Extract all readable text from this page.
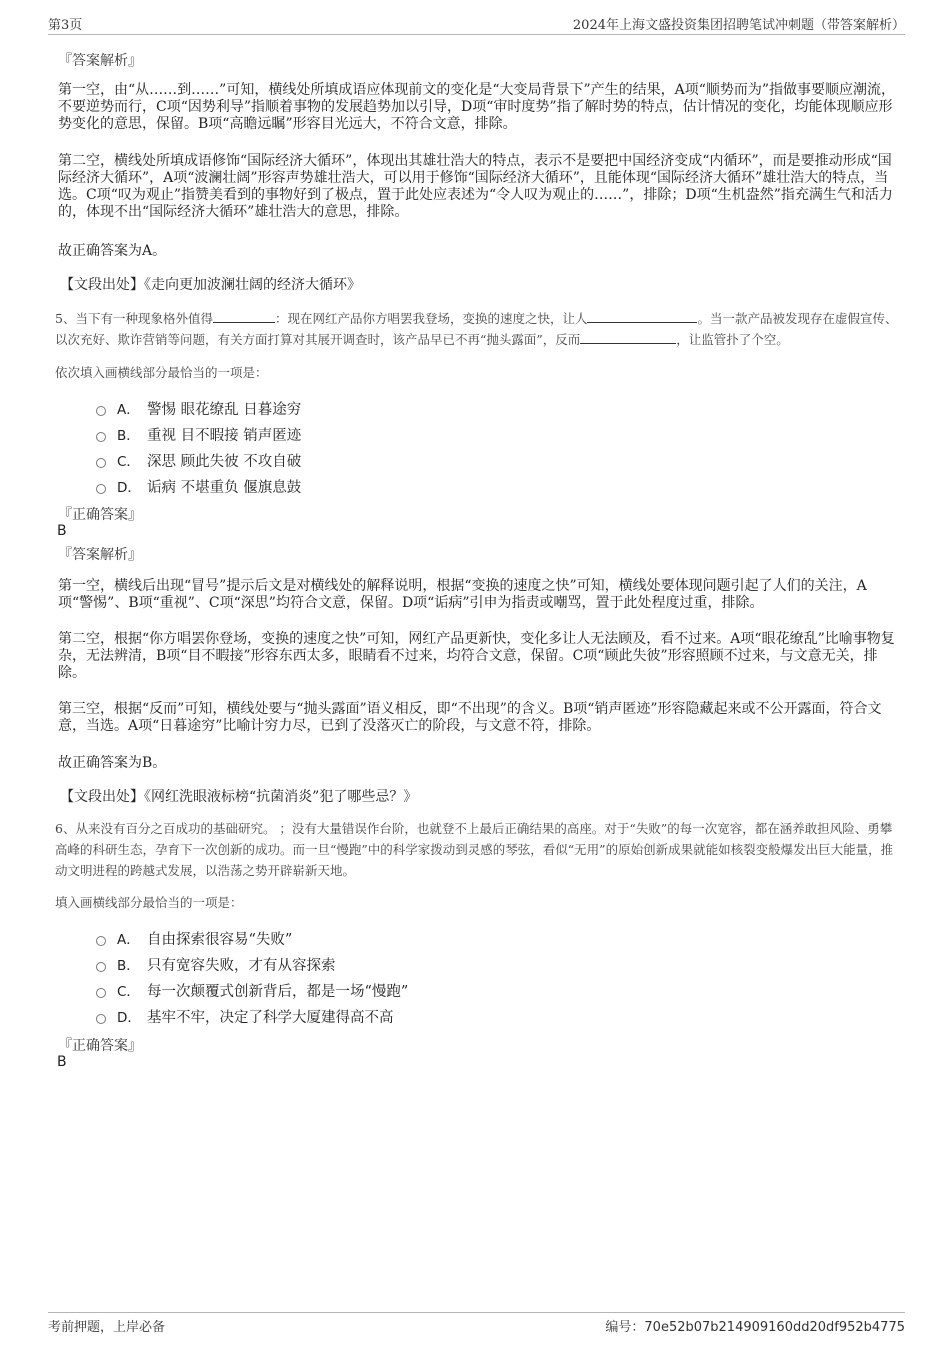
第3页	2024年上海文盛投资集团招聘笔试冲刺题（带答案解析）
『答案解析』

第一空，由“从……到……”可知，横线处所填成语应体现前文的变化是“大变局背景下”产生的结果，A项“顺势而为”指做事要顺应潮流，不要逆势而行，C项“因势利导”指顺着事物的发展趋势加以引导，D项“审时度势”指了解时势的特点，估计情况的变化，均能体现顺应形势变化的意思，保留。B项“高瞻远瞩”形容目光远大，不符合文意，排除。

第二空，横线处所填成语修饰“国际经济大循环”，体现出其雄壮浩大的特点，表示不是要把中国经济变成“内循环”，而是要推动形成“国际经济大循环”，A项“波澜壮阔”形容声势雄壮浩大，可以用于修饰“国际经济大循环”，且能体现“国际经济大循环”雄壮浩大的特点，当选。C项“叹为观止”指赞美看到的事物好到了极点，置于此处应表述为“令人叹为观止的……”，排除；D项“生机盎然”指充满生气和活力的，体现不出“国际经济大循环”雄壮浩大的意思，排除。

故正确答案为A。
【文段出处】《走向更加波澜壮阔的经济大循环》

5、当下有一种现象格外值得	：现在网红产品你方唱罢我登场，变换的速度之快，让人	。当一款产品被发现存在虚假宣传、以次充好、欺诈营销等问题，有关方面打算对其展开调查时，该产品早已不再“抛头露面”，反而	，让监管扑了个空。

依次填入画横线部分最恰当的一项是：
A． 警惕 眼花缭乱 日暮途穷
B． 重视 目不暇接 销声匿迹
C． 深思 顾此失彼 不攻自破
D． 诟病 不堪重负 偃旗息鼓
『正确答案』
B
『答案解析』

第一空，横线后出现“冒号”提示后文是对横线处的解释说明，根据“变换的速度之快”可知，横线处要体现问题引起了人们的关注，A项“警惕”、B项“重视”、C项“深思”均符合文意，保留。D项“诟病”引申为指责或嘲骂，置于此处程度过重，排除。

第二空，根据“你方唱罢你登场，变换的速度之快”可知，网红产品更新快，变化多让人无法顾及，看不过来。A项“眼花缭乱”比喻事物复杂，无法辨清，B项“目不暇接”形容东西太多，眼睛看不过来，均符合文意，保留。C项“顾此失彼”形容照顾不过来，与文意无关，排除。

第三空，根据“反而”可知，横线处要与“抛头露面”语义相反，即“不出现”的含义。B项“销声匿迹”形容隐藏起来或不公开露面，符合文意，当选。A项“日暮途穷”比喻计穷力尽，已到了没落灭亡的阶段，与文意不符，排除。

故正确答案为B。
【文段出处】《网红洗眼液标榜“抗菌消炎”犯了哪些忌？》

6、从来没有百分之百成功的基础研究。 ；没有大量错误作台阶，也就登不上最后正确结果的高座。对于“失败”的每一次宽容，都在涵养敢担风险、勇攀高峰的科研生态，孕育下一次创新的成功。而一旦“慢跑”中的科学家拨动到灵感的琴弦，看似“无用”的原始创新成果就能如核裂变般爆发出巨大能量，推动文明进程的跨越式发展，以浩荡之势开辟崭新天地。

填入画横线部分最恰当的一项是：
A． 自由探索很容易“失败”
B． 只有宽容失败，才有从容探索
C． 每一次颠覆式创新背后，都是一场“慢跑”
D． 基牢不牢，决定了科学大厦建得高不高
『正确答案』
B
考前押题，上岸必备	编号：70e52b07b214909160dd20df952b4775
